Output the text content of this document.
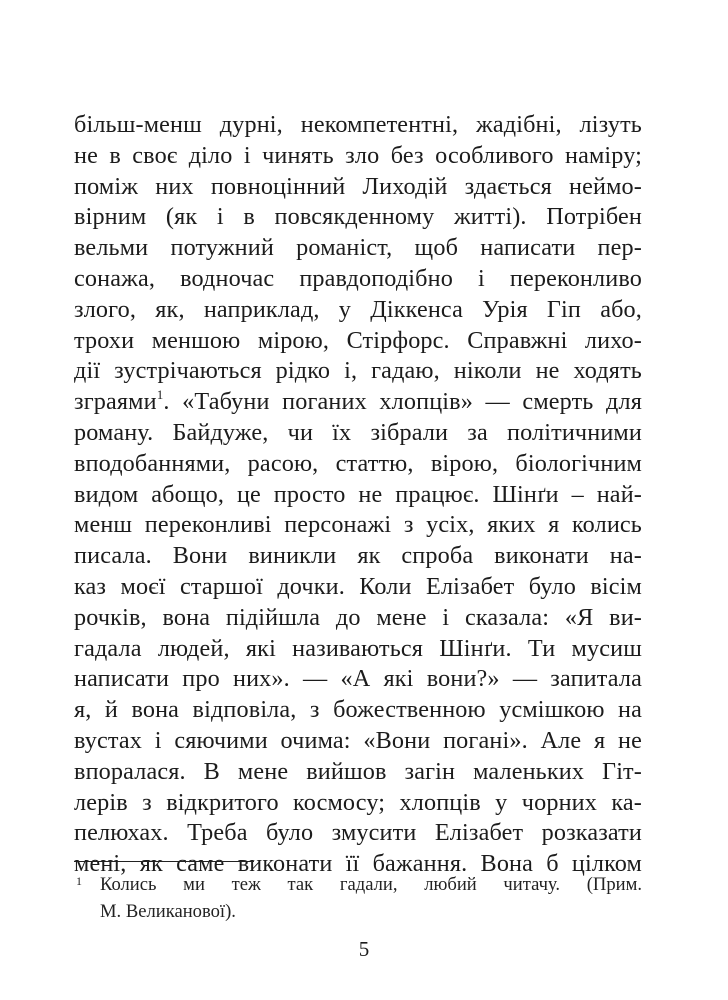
більш-менш дурні, некомпетентні, жадібні, лізуть
не в своє діло і чинять зло без особливого наміру;
поміж них повноцінний Лиходій здається неймо-
вірним (як і в повсякденному житті). Потрібен
вельми потужний романіст, щоб написати пер-
сонажа, водночас правдоподібно і переконливо
злого, як, наприклад, у Діккенса Урія Гіп або,
трохи меншою мірою, Стірфорс. Справжні лихо-
дії зустрічаються рідко і, гадаю, ніколи не ходять
зграями$^1$. «Табуни поганих хлопців» — смерть для
роману. Байдуже, чи їх зібрали за політичними
вподобаннями, расою, статтю, вірою, біологічним
видом абощо, це просто не працює. Шінґи – най-
менш переконливі персонажі з усіх, яких я колись
писала. Вони виникли як спроба виконати на-
каз моєї старшої дочки. Коли Елізабет було вісім
рочків, вона підійшла до мене і сказала: «Я ви-
гадала людей, які називаються Шінґи. Ти мусиш
написати про них». — «А які вони?» — запитала
я, й вона відповіла, з божественною усмішкою на
вустах і сяючими очима: «Вони погані». Але я не
впоралася. В мене вийшов загін маленьких Гіт-
лерів з відкритого космосу; хлопців у чорних ка-
пелюхах. Треба було змусити Елізабет розказати
мені, як саме виконати її бажання. Вона б цілком
1 Колись ми теж так гадали, любий читачу. (Прим.
М. Великанової).
5
